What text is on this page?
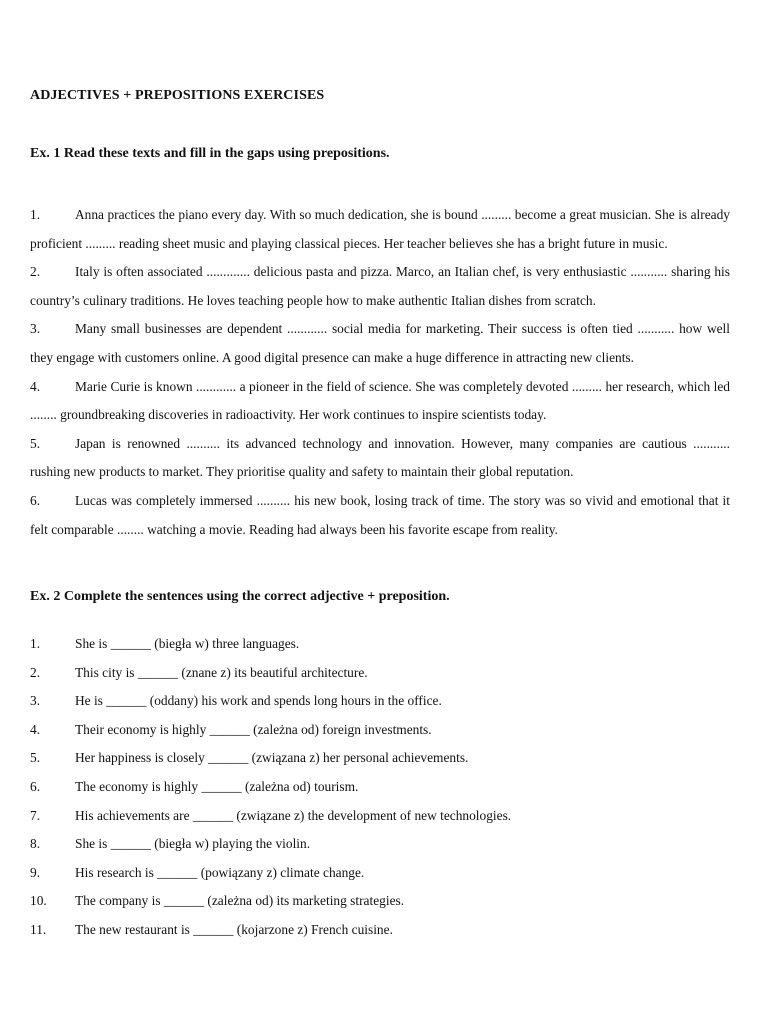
ADJECTIVES + PREPOSITIONS EXERCISES
Ex. 1 Read these texts and fill in the gaps using prepositions.

1.	Anna practices the piano every day. With so much dedication, she is bound ......... become a great musician. She is already proficient ......... reading sheet music and playing classical pieces. Her teacher believes she has a bright future in music.

2.	Italy is often associated ............. delicious pasta and pizza. Marco, an Italian chef, is very enthusiastic ........... sharing his country’s culinary traditions. He loves teaching people how to make authentic Italian dishes from scratch.

3.	Many small businesses are dependent ............ social media for marketing. Their success is often tied ........... how well they engage with customers online. A good digital presence can make a huge difference in attracting new clients.

4.	Marie Curie is known ............ a pioneer in the field of science. She was completely devoted ......... her research, which led ........ groundbreaking discoveries in radioactivity. Her work continues to inspire scientists today.

5.	Japan is renowned .......... its advanced technology and innovation. However, many companies are cautious ........... rushing new products to market. They prioritise quality and safety to maintain their global reputation.

6.	Lucas was completely immersed .......... his new book, losing track of time. The story was so vivid and emotional that it felt comparable ........ watching a movie. Reading had always been his favorite escape from reality.

Ex. 2 Complete the sentences using the correct adjective + preposition.
1.	She is ______ (biegła w) three languages.
2.	This city is ______ (znane z) its beautiful architecture.
3.	He is ______ (oddany) his work and spends long hours in the office.
4.	Their economy is highly ______ (zależna od) foreign investments.
5.	Her happiness is closely ______ (związana z) her personal achievements.
6.	The economy is highly ______ (zależna od) tourism.
7.	His achievements are ______ (związane z) the development of new technologies.
8.	She is ______ (biegła w) playing the violin.
9.	His research is ______ (powiązany z) climate change.
10. The company is ______ (zależna od) its marketing strategies.
11. The new restaurant is ______ (kojarzone z) French cuisine.
